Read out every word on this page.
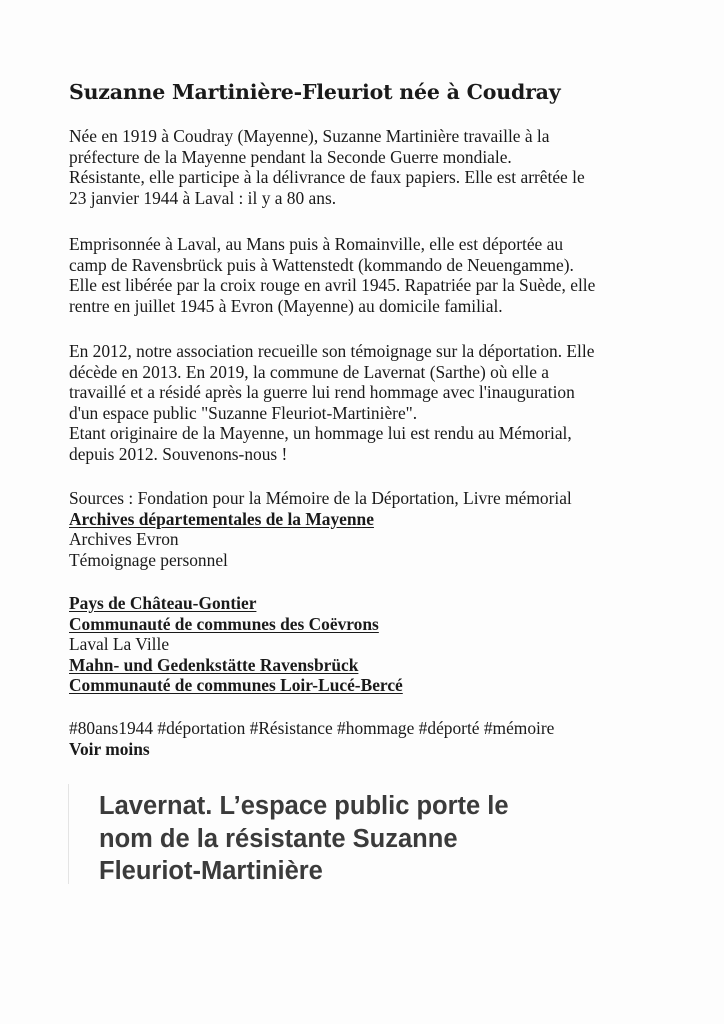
Suzanne Martinière-Fleuriot née à Coudray
Née en 1919 à Coudray (Mayenne), Suzanne Martinière travaille à la
préfecture de la Mayenne pendant la Seconde Guerre mondiale.
Résistante, elle participe à la délivrance de faux papiers. Elle est arrêtée le
23 janvier 1944 à Laval : il y a 80 ans.
Emprisonnée à Laval, au Mans puis à Romainville, elle est déportée au
camp de Ravensbrück puis à Wattenstedt (kommando de Neuengamme).
Elle est libérée par la croix rouge en avril 1945. Rapatriée par la Suède, elle
rentre en juillet 1945 à Evron (Mayenne) au domicile familial.
En 2012, notre association recueille son témoignage sur la déportation. Elle
décède en 2013. En 2019, la commune de Lavernat (Sarthe) où elle a
travaillé et a résidé après la guerre lui rend hommage avec l'inauguration
d'un espace public "Suzanne Fleuriot-Martinière".
Etant originaire de la Mayenne, un hommage lui est rendu au Mémorial,
depuis 2012. Souvenons-nous !
Sources : Fondation pour la Mémoire de la Déportation, Livre mémorial
Archives départementales de la Mayenne
Archives Evron
Témoignage personnel
Pays de Château-Gontier
Communauté de communes des Coëvrons
Laval La Ville
Mahn- und Gedenkstätte Ravensbrück
Communauté de communes Loir-Lucé-Bercé
#80ans1944 #déportation #Résistance #hommage #déporté #mémoire
Voir moins
Lavernat. L’espace public porte le
nom de la résistante Suzanne
Fleuriot-Martinière
